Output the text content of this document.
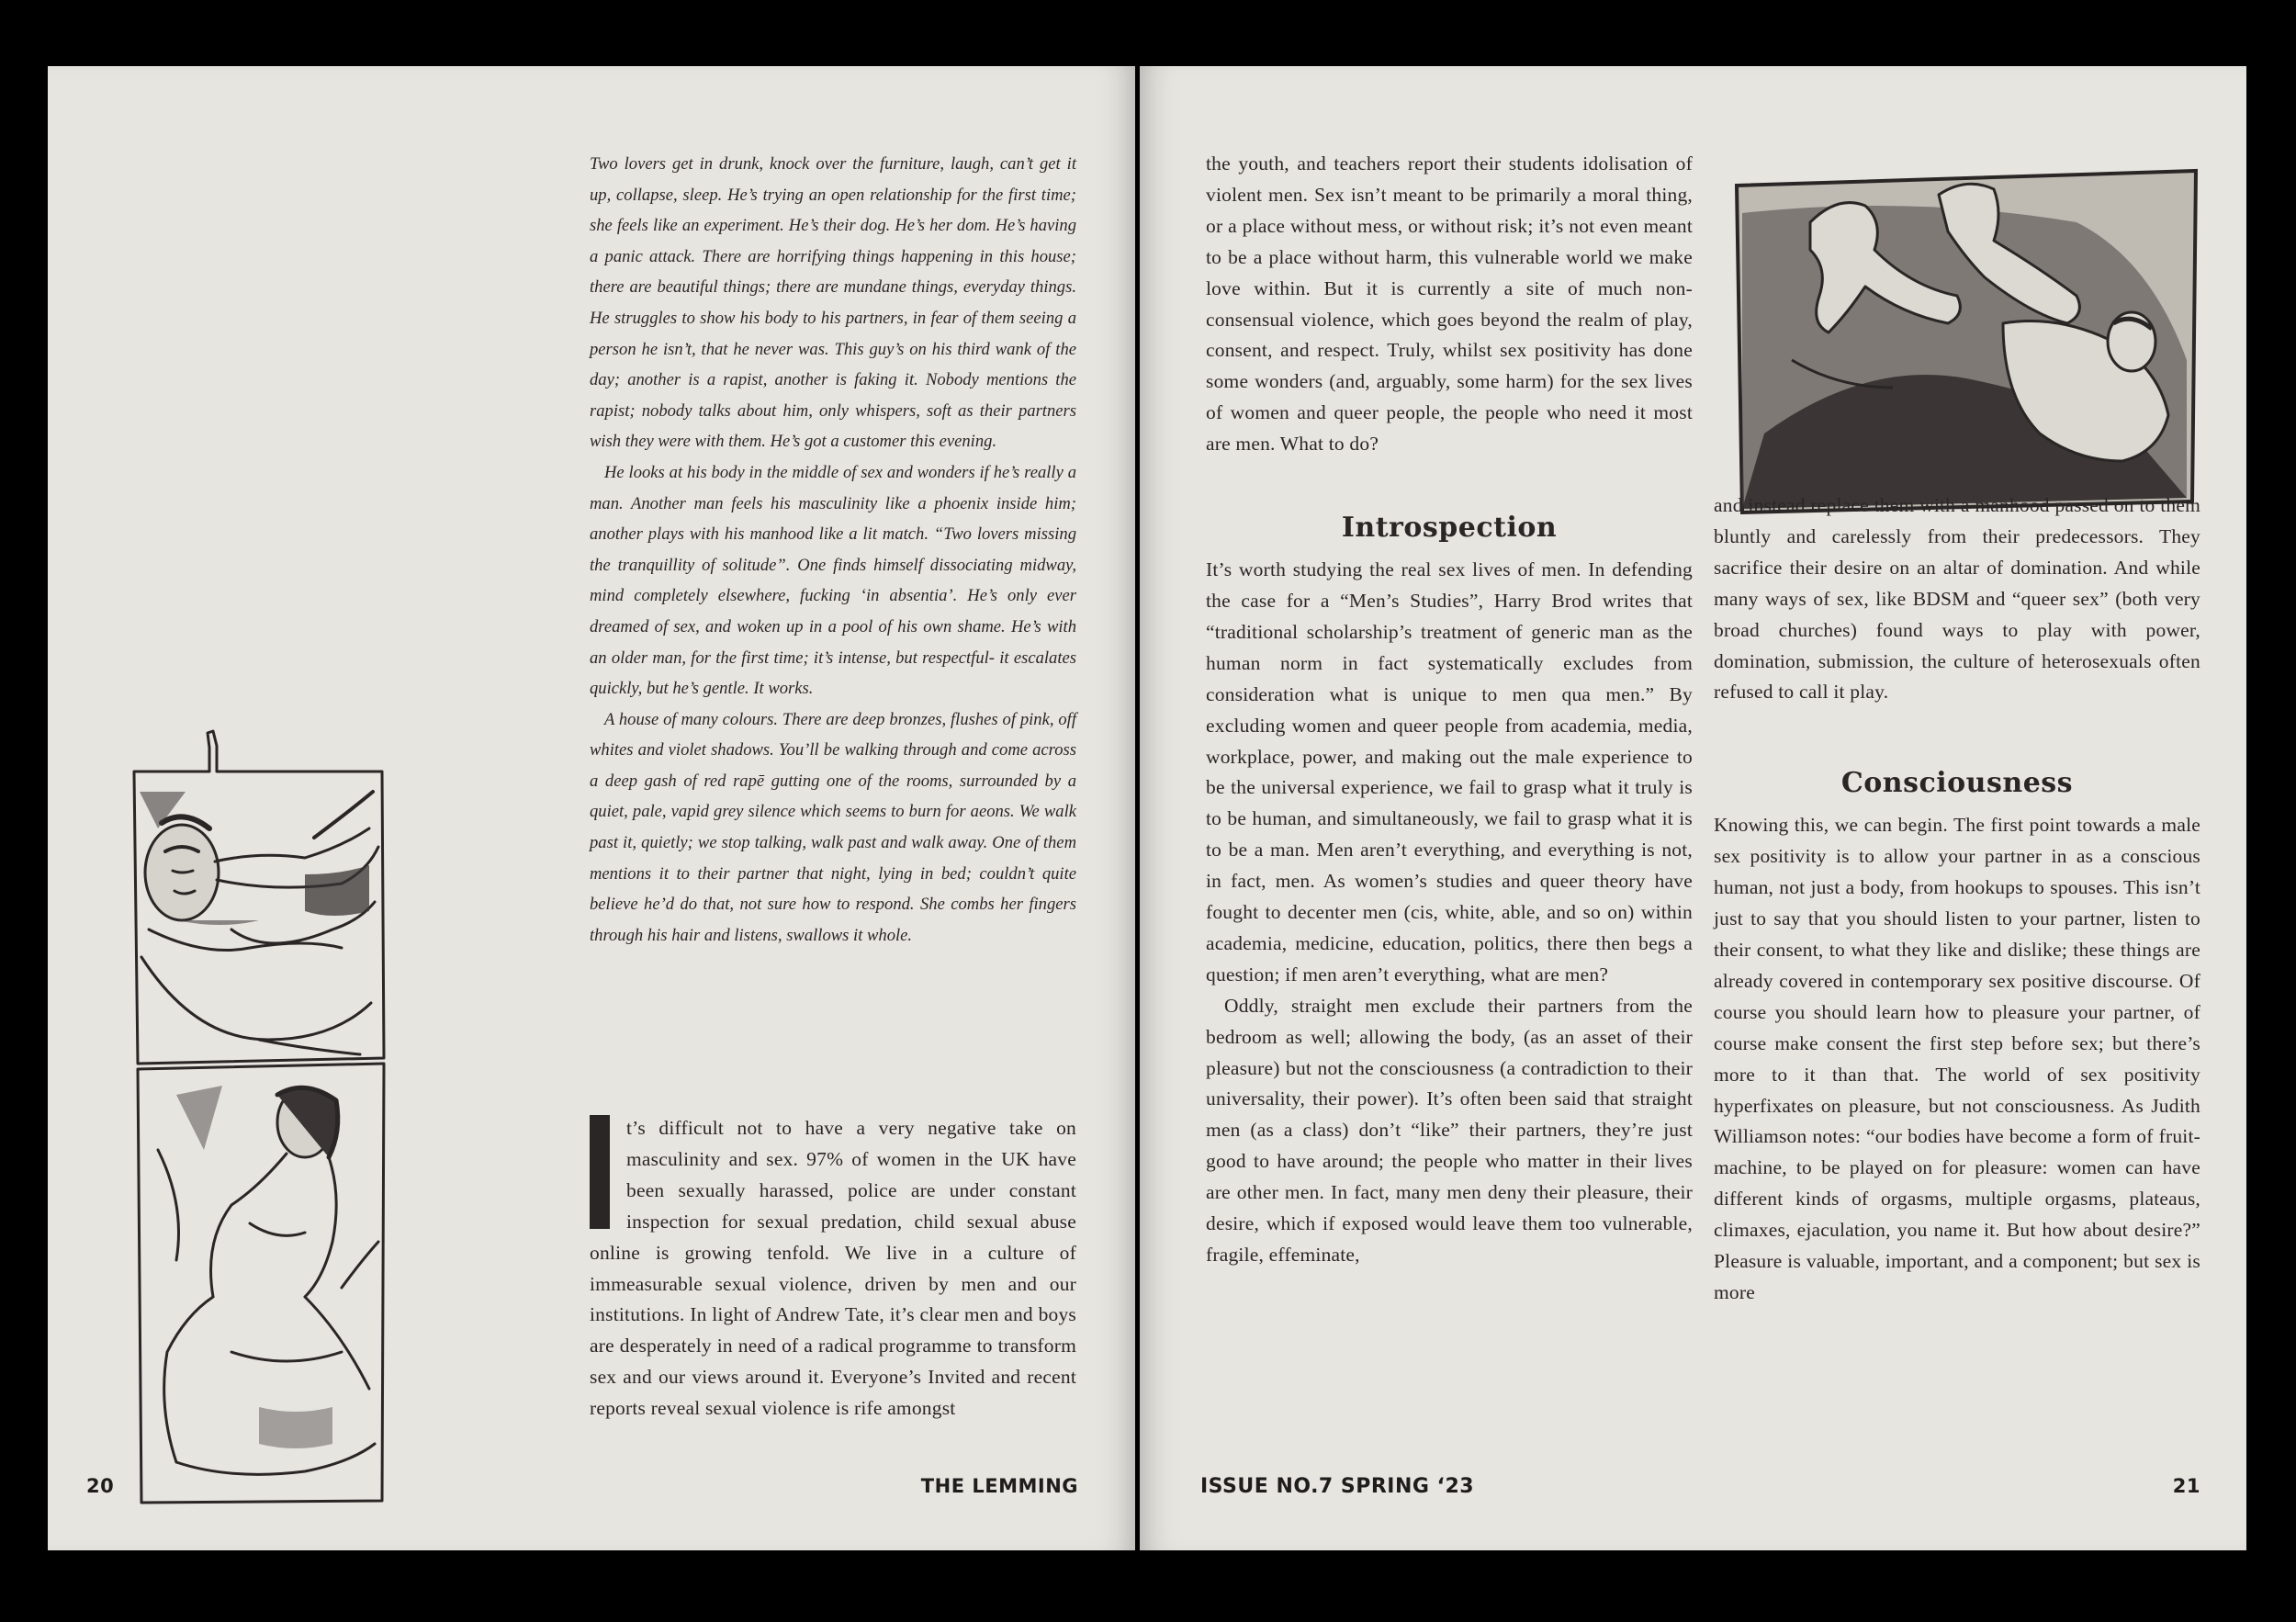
Two lovers get in drunk, knock over the furniture, laugh, can’t get it up, collapse, sleep. He’s trying an open relationship for the first time; she feels like an experiment. He’s their dog. He’s her dom. He’s having a panic attack. There are horrifying things happening in this house; there are beautiful things; there are mundane things, everyday things. He struggles to show his body to his partners, in fear of them seeing a person he isn’t, that he never was. This guy’s on his third wank of the day; another is a rapist, another is faking it. Nobody mentions the rapist; nobody talks about him, only whispers, soft as their partners wish they were with them. He’s got a customer this evening.

He looks at his body in the middle of sex and wonders if he’s really a man. Another man feels his masculinity like a phoenix inside him; another plays with his manhood like a lit match. “Two lovers missing the tranquillity of solitude”. One finds himself dissociating midway, mind completely elsewhere, fucking ‘in absentia’. He’s only ever dreamed of sex, and woken up in a pool of his own shame. He’s with an older man, for the first time; it’s intense, but respectful- it escalates quickly, but he’s gentle. It works.

A house of many colours. There are deep bronzes, flushes of pink, off whites and violet shadows. You’ll be walking through and come across a deep gash of red rapē gutting one of the rooms, surrounded by a quiet, pale, vapid grey silence which seems to burn for aeons. We walk past it, quietly; we stop talking, walk past and walk away. One of them mentions it to their partner that night, lying in bed; couldn’t quite believe he’d do that, not sure how to respond. She combs her fingers through his hair and listens, swallows it whole.

t’s difficult not to have a very negative take on masculinity and sex. 97% of women in the UK have been sexually harassed, police are under constant inspection for sexual predation, child sexual abuse online is growing tenfold. We live in a culture of immeasurable sexual violence, driven by men and our institutions. In light of Andrew Tate, it’s clear men and boys are desperately in need of a radical programme to transform sex and our views around it. Everyone’s Invited and recent reports reveal sexual violence is rife amongst

20	THE LEMMING

the youth, and teachers report their students idolisation of violent men. Sex isn’t meant to be primarily a moral thing, or a place without mess, or without risk; it’s not even meant to be a place without harm, this vulnerable world we make love within. But it is currently a site of much non-consensual violence, which goes beyond the realm of play, consent, and respect. Truly, whilst sex positivity has done some wonders (and, arguably, some harm) for the sex lives of women and queer people, the people who need it most are men. What to do?

Introspection

It’s worth studying the real sex lives of men. In defending the case for a “Men’s Studies”, Harry Brod writes that “traditional scholarship’s treatment of generic man as the human norm in fact systematically excludes from consideration what is unique to men qua men.” By excluding women and queer people from academia, media, workplace, power, and making out the male experience to be the universal experience, we fail to grasp what it truly is to be human, and simultaneously, we fail to grasp what it is to be a man. Men aren’t everything, and everything is not, in fact, men. As women’s studies and queer theory have fought to decenter men (cis, white, able, and so on) within academia, medicine, education, politics, there then begs a question; if men aren’t everything, what are men?

Oddly, straight men exclude their partners from the bedroom as well; allowing the body, (as an asset of their pleasure) but not the consciousness (a contradiction to their universality, their power). It’s often been said that straight men (as a class) don’t “like” their partners, they’re just good to have around; the people who matter in their lives are other men. In fact, many men deny their pleasure, their desire, which if exposed would leave them too vulnerable, fragile, effeminate,

and instead replace them with a manhood passed on to them bluntly and carelessly from their predecessors. They sacrifice their desire on an altar of domination. And while many ways of sex, like BDSM and “queer sex” (both very broad churches) found ways to play with power, domination, submission, the culture of heterosexuals often refused to call it play.

Consciousness

Knowing this, we can begin. The first point towards a male sex positivity is to allow your partner in as a conscious human, not just a body, from hookups to spouses. This isn’t just to say that you should listen to your partner, listen to their consent, to what they like and dislike; these things are already covered in contemporary sex positive discourse. Of course you should learn how to pleasure your partner, of course make consent the first step before sex; but there’s more to it than that. The world of sex positivity hyperfixates on pleasure, but not consciousness. As Judith Williamson notes: “our bodies have become a form of fruit-machine, to be played on for pleasure: women can have different kinds of orgasms, multiple orgasms, plateaus, climaxes, ejaculation, you name it. But how about desire?” Pleasure is valuable, important, and a component; but sex is more

ISSUE NO.7 SPRING ‘23	21
